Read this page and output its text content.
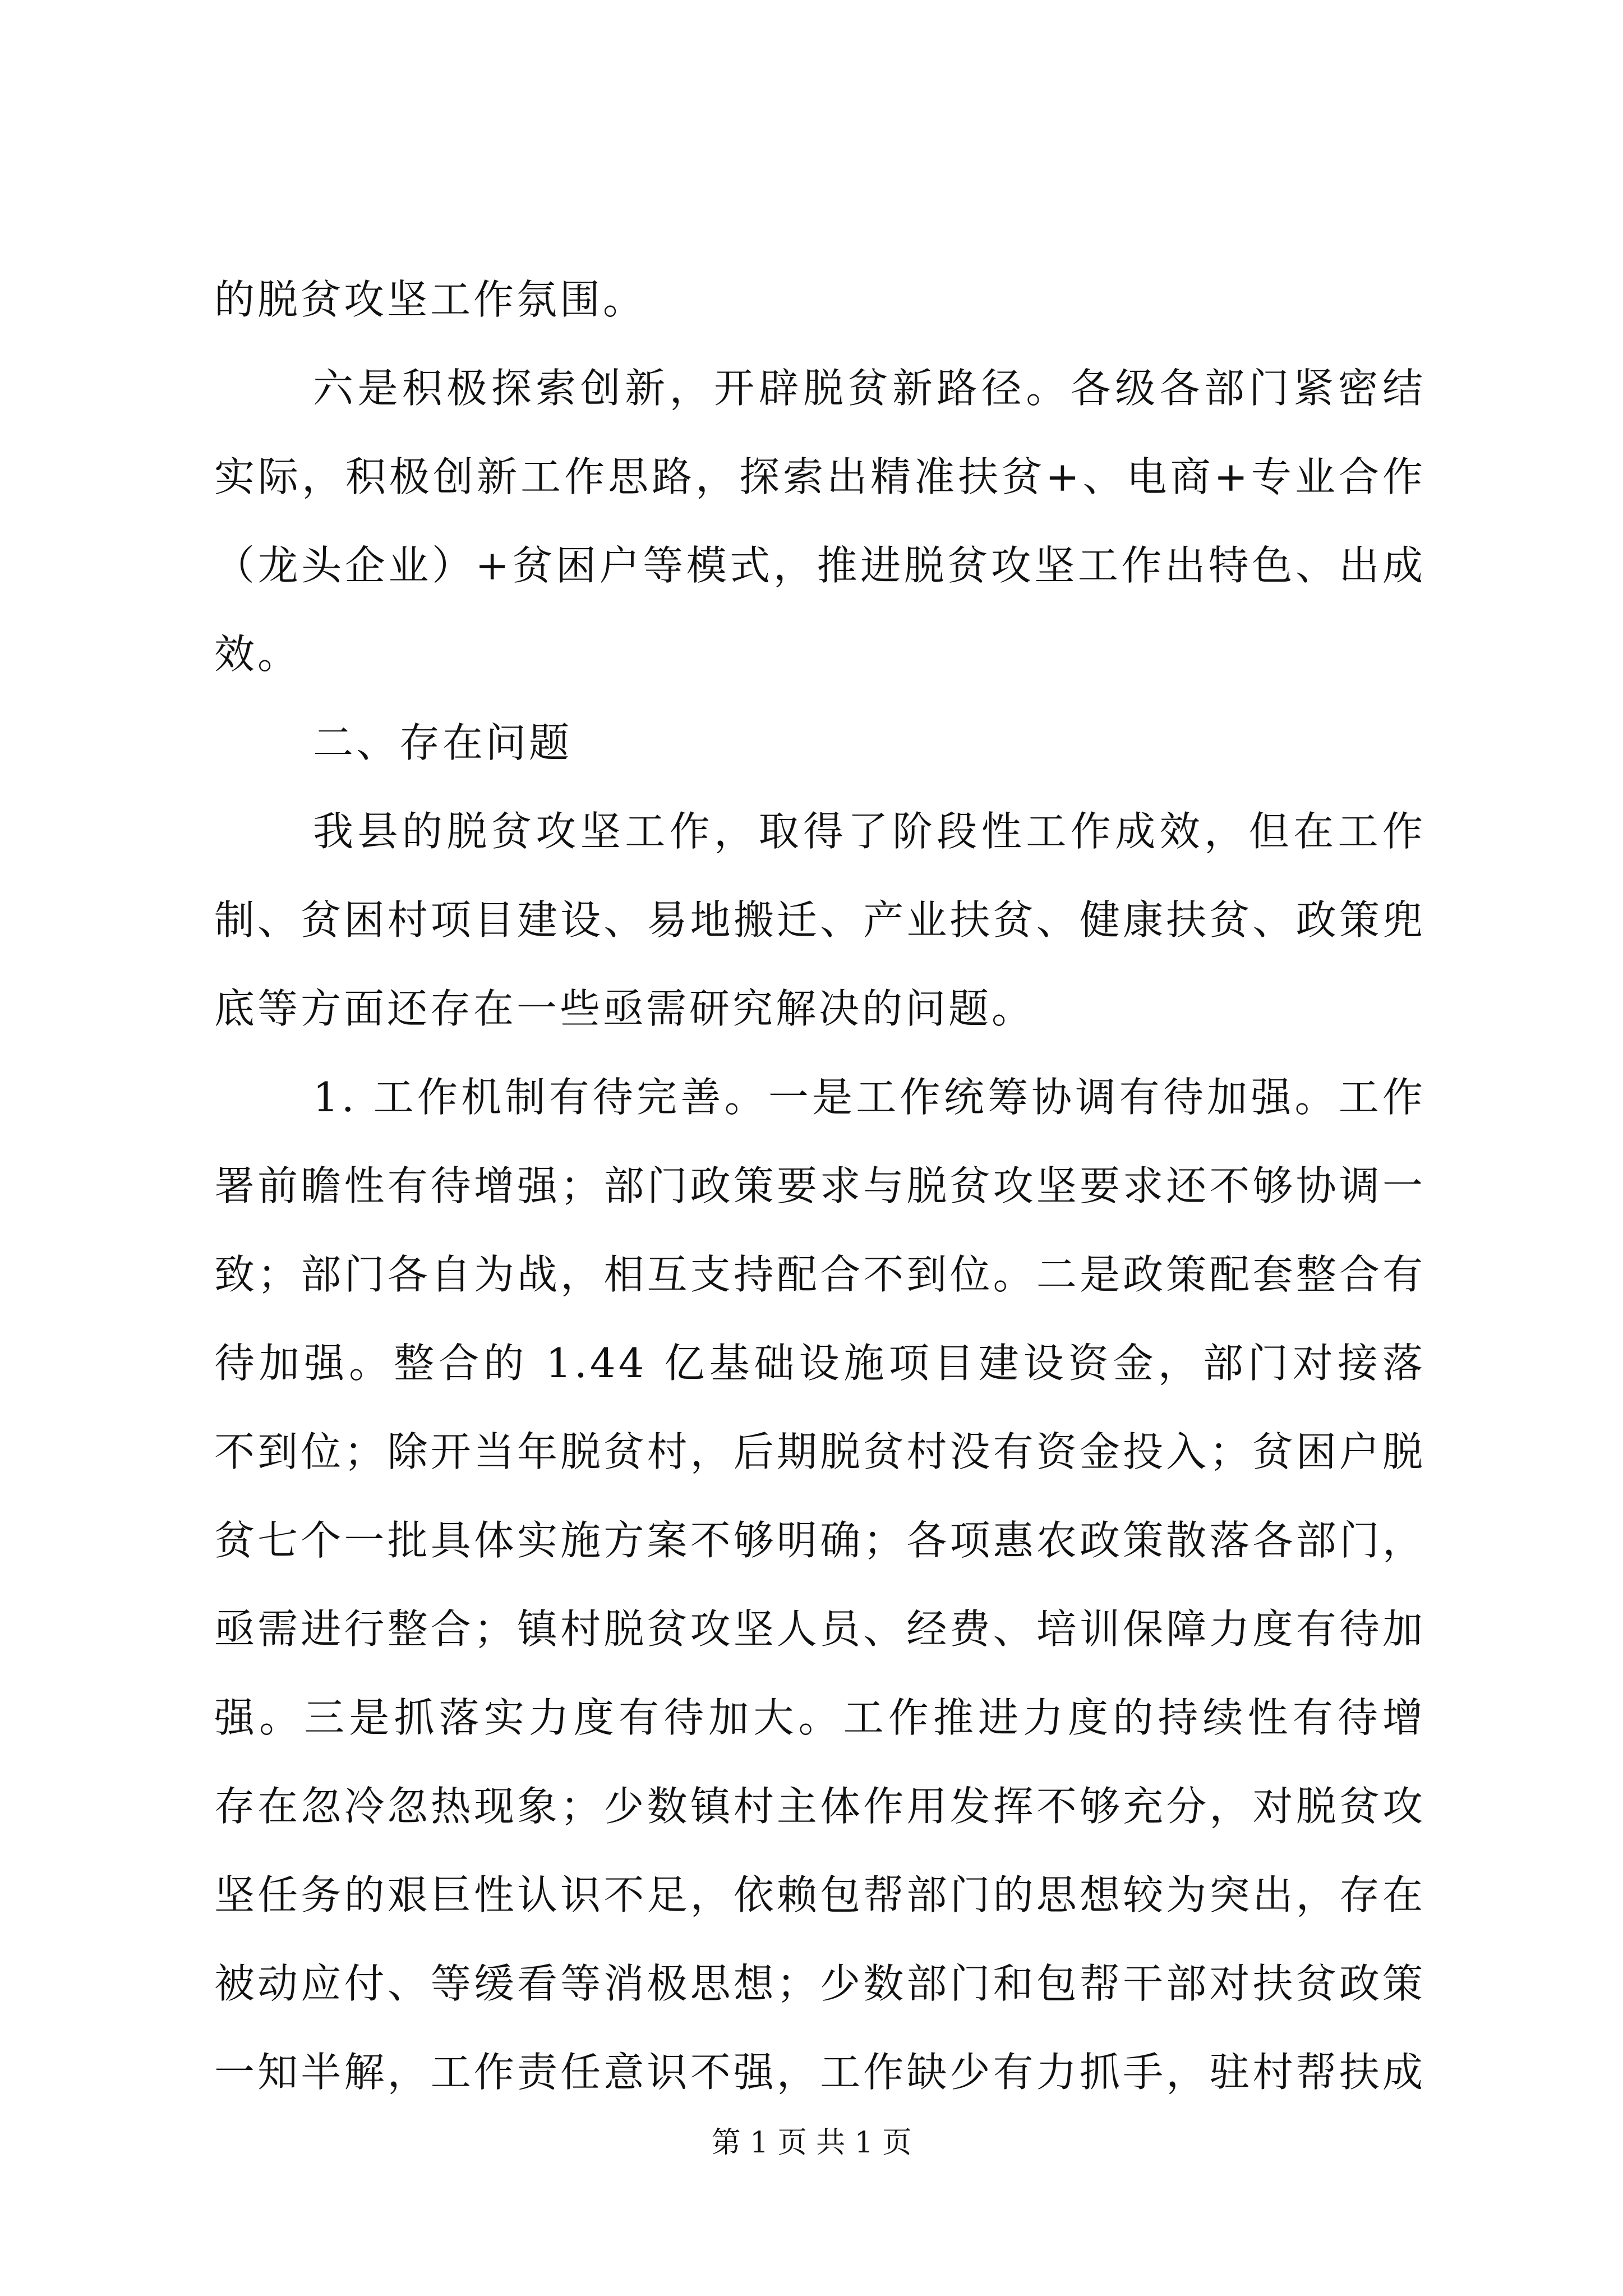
的脱贫攻坚工作氛围。
六是积极探索创新，开辟脱贫新路径。各级各部门紧密结
实际，积极创新工作思路，探索出精准扶贫+、电商+专业合作
（龙头企业）+贫困户等模式，推进脱贫攻坚工作出特色、出成
效。
二、存在问题
我县的脱贫攻坚工作，取得了阶段性工作成效，但在工作
制、贫困村项目建设、易地搬迁、产业扶贫、健康扶贫、政策兜
底等方面还存在一些亟需研究解决的问题。
1. 工作机制有待完善。一是工作统筹协调有待加强。工作
署前瞻性有待增强；部门政策要求与脱贫攻坚要求还不够协调一
致；部门各自为战，相互支持配合不到位。二是政策配套整合有
待加强。整合的 1.44 亿基础设施项目建设资金，部门对接落
不到位；除开当年脱贫村，后期脱贫村没有资金投入；贫困户脱
贫七个一批具体实施方案不够明确；各项惠农政策散落各部门，
亟需进行整合；镇村脱贫攻坚人员、经费、培训保障力度有待加
强。三是抓落实力度有待加大。工作推进力度的持续性有待增
存在忽冷忽热现象；少数镇村主体作用发挥不够充分，对脱贫攻
坚任务的艰巨性认识不足，依赖包帮部门的思想较为突出，存在
被动应付、等缓看等消极思想；少数部门和包帮干部对扶贫政策
一知半解，工作责任意识不强，工作缺少有力抓手，驻村帮扶成
第 1 页 共 1 页
